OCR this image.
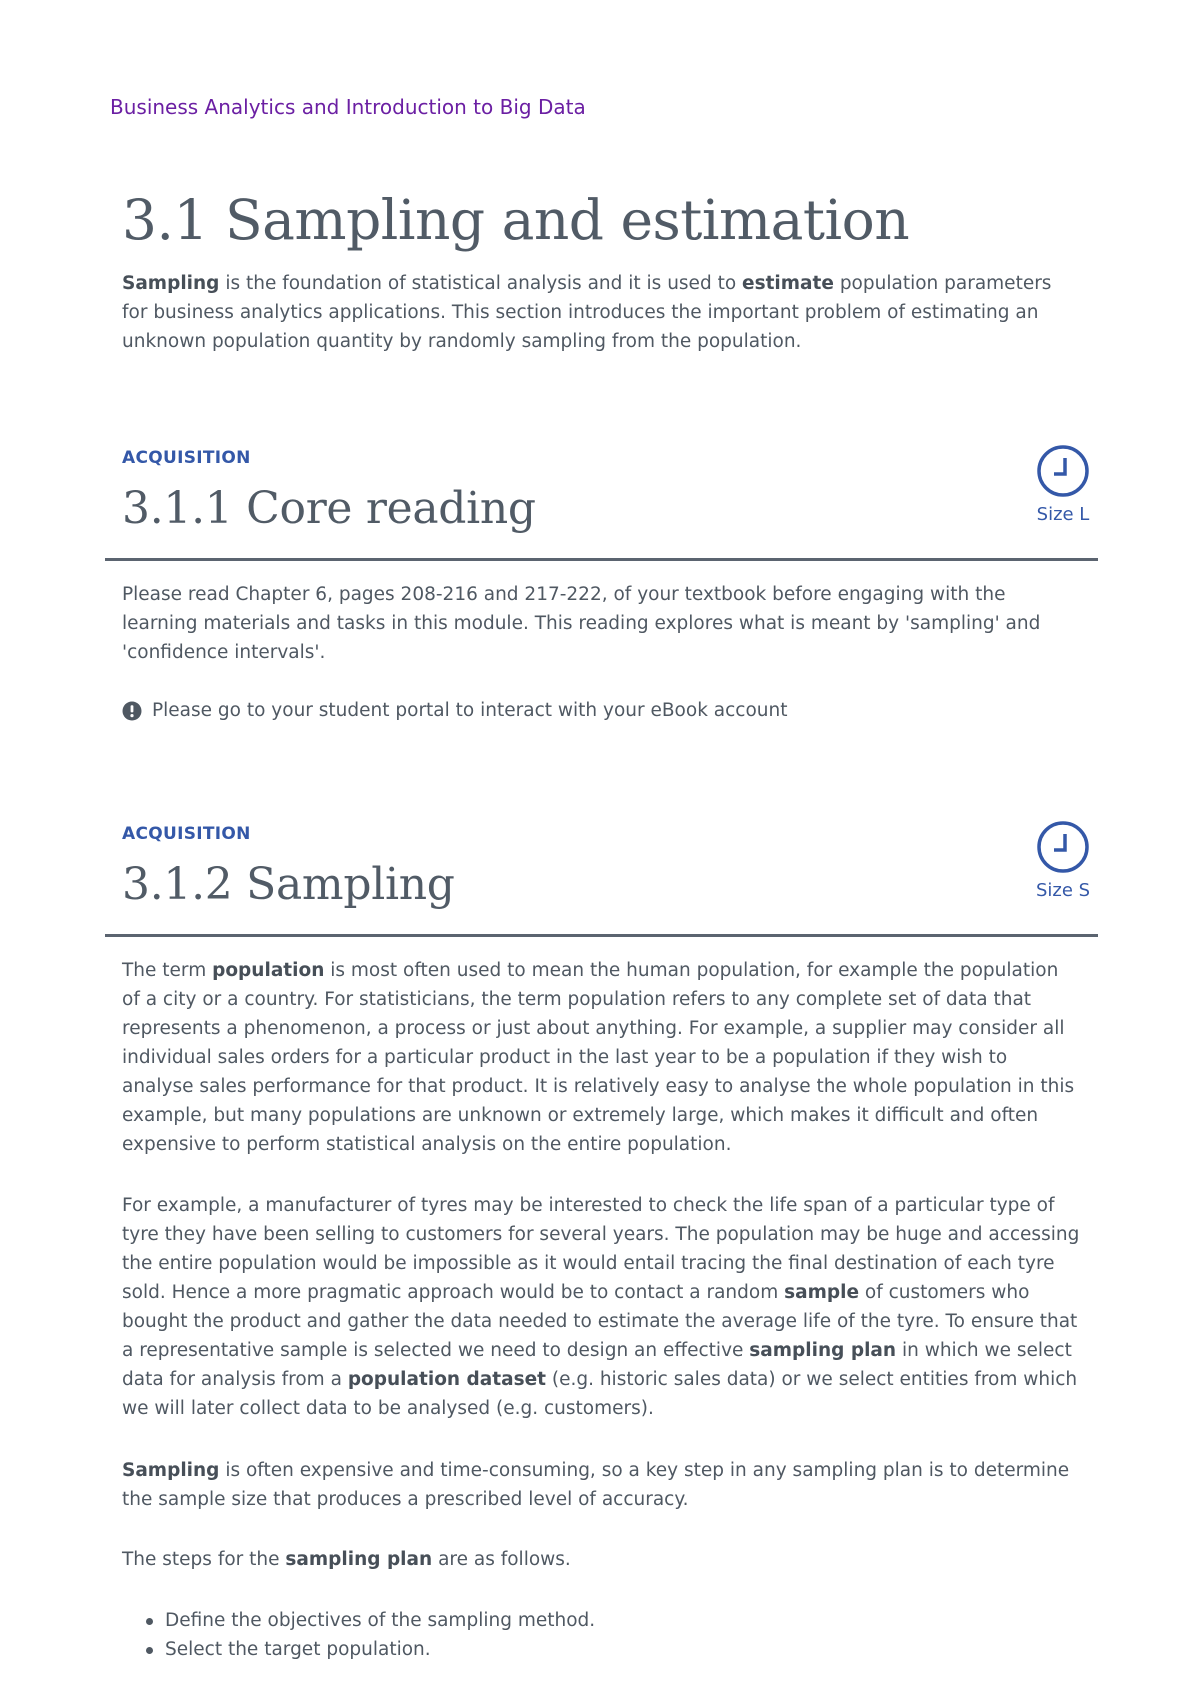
Business Analytics and Introduction to Big Data
3.1 Sampling and estimation

Sampling is the foundation of statistical analysis and it is used to estimate population parameters for business analytics applications. This section introduces the important problem of estimating an unknown population quantity by randomly sampling from the population.

ACQUISITION
3.1.1 Core reading	Size L

Please read Chapter 6, pages 208-216 and 217-222, of your textbook before engaging with the learning materials and tasks in this module. This reading explores what is meant by 'sampling' and 'confidence intervals'.

Please go to your student portal to interact with your eBook account
ACQUISITION
3.1.2 Sampling	Size S

The term population is most often used to mean the human population, for example the population of a city or a country. For statisticians, the term population refers to any complete set of data that represents a phenomenon, a process or just about anything. For example, a supplier may consider all individual sales orders for a particular product in the last year to be a population if they wish to analyse sales performance for that product. It is relatively easy to analyse the whole population in this example, but many populations are unknown or extremely large, which makes it difficult and often expensive to perform statistical analysis on the entire population.

For example, a manufacturer of tyres may be interested to check the life span of a particular type of tyre they have been selling to customers for several years. The population may be huge and accessing the entire population would be impossible as it would entail tracing the final destination of each tyre sold. Hence a more pragmatic approach would be to contact a random sample of customers who bought the product and gather the data needed to estimate the average life of the tyre. To ensure that a representative sample is selected we need to design an effective sampling plan in which we select data for analysis from a population dataset (e.g. historic sales data) or we select entities from which we will later collect data to be analysed (e.g. customers).

Sampling is often expensive and time-consuming, so a key step in any sampling plan is to determine the sample size that produces a prescribed level of accuracy.

The steps for the sampling plan are as follows.

Define the objectives of the sampling method.
Select the target population.
